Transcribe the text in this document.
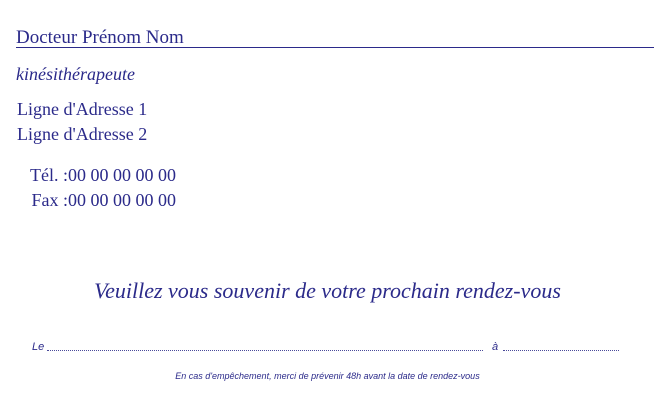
Docteur Prénom Nom
kinésithérapeute
Ligne d'Adresse 1
Ligne d'Adresse 2
Tél. : 00 00 00 00 00
Fax : 00 00 00 00 00
Veuillez vous souvenir de votre prochain rendez-vous
Le	à
En cas d'empêchement, merci de prévenir 48h avant la date de rendez-vous
